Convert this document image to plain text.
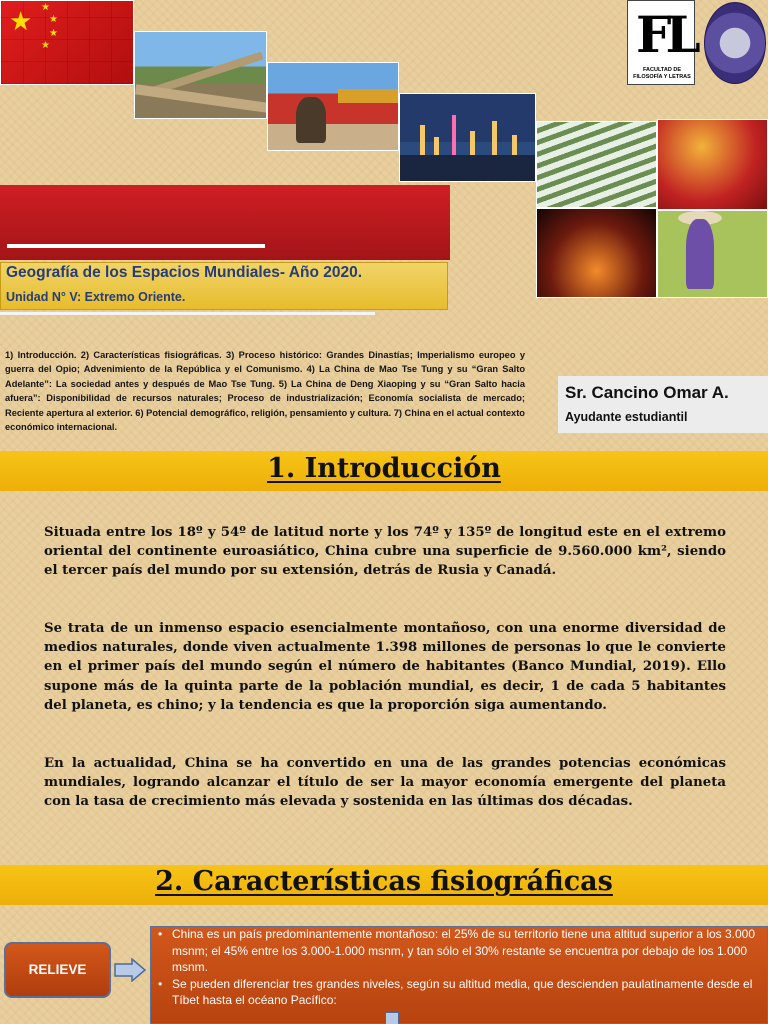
★ ★
★
★
★	FL
FACULTAD DE FILOSOFÍA Y LETRAS
Geografía de los Espacios Mundiales- Año 2020.
Unidad N° V: Extremo Oriente.
1) Introducción. 2) Características fisiográficas. 3) Proceso histórico: Grandes Dinastías; Imperialismo europeo y guerra del Opio; Advenimiento de la República y el Comunismo. 4) La China de Mao Tse Tung y su “Gran Salto Adelante”: La sociedad antes y después de Mao Tse Tung. 5) La China de Deng Xiaoping y su “Gran Salto hacia afuera”: Disponibilidad de recursos naturales; Proceso de industrialización; Economía socialista de mercado; Reciente apertura al exterior. 6) Potencial demográfico, religión, pensamiento y cultura. 7) China en el actual contexto económico internacional.
Sr. Cancino Omar A.
Ayudante estudiantil
1. Introducción
Situada entre los 18º y 54º de latitud norte y los 74º y 135º de longitud este en el extremo oriental del continente euroasiático, China cubre una superficie de 9.560.000 km², siendo el tercer país del mundo por su extensión, detrás de Rusia y Canadá.
Se trata de un inmenso espacio esencialmente montañoso, con una enorme diversidad de medios naturales, donde viven actualmente 1.398 millones de personas lo que le convierte en el primer país del mundo según el número de habitantes (Banco Mundial, 2019). Ello supone más de la quinta parte de la población mundial, es decir, 1 de cada 5 habitantes del planeta, es chino; y la tendencia es que la proporción siga aumentando.
En la actualidad, China se ha convertido en una de las grandes potencias económicas mundiales, logrando alcanzar el título de ser la mayor economía emergente del planeta con la tasa de crecimiento más elevada y sostenida en las últimas dos décadas.
2. Características fisiográficas
RELIEVE
• China es un país predominantemente montañoso: el 25% de su territorio tiene una altitud superior a los 3.000 msnm; el 45% entre los 3.000-1.000 msnm, y tan sólo el 30% restante se encuentra por debajo de los 1.000 msnm.
• Se pueden diferenciar tres grandes niveles, según su altitud media, que descienden paulatinamente desde el Tíbet hasta el océano Pacífico:
